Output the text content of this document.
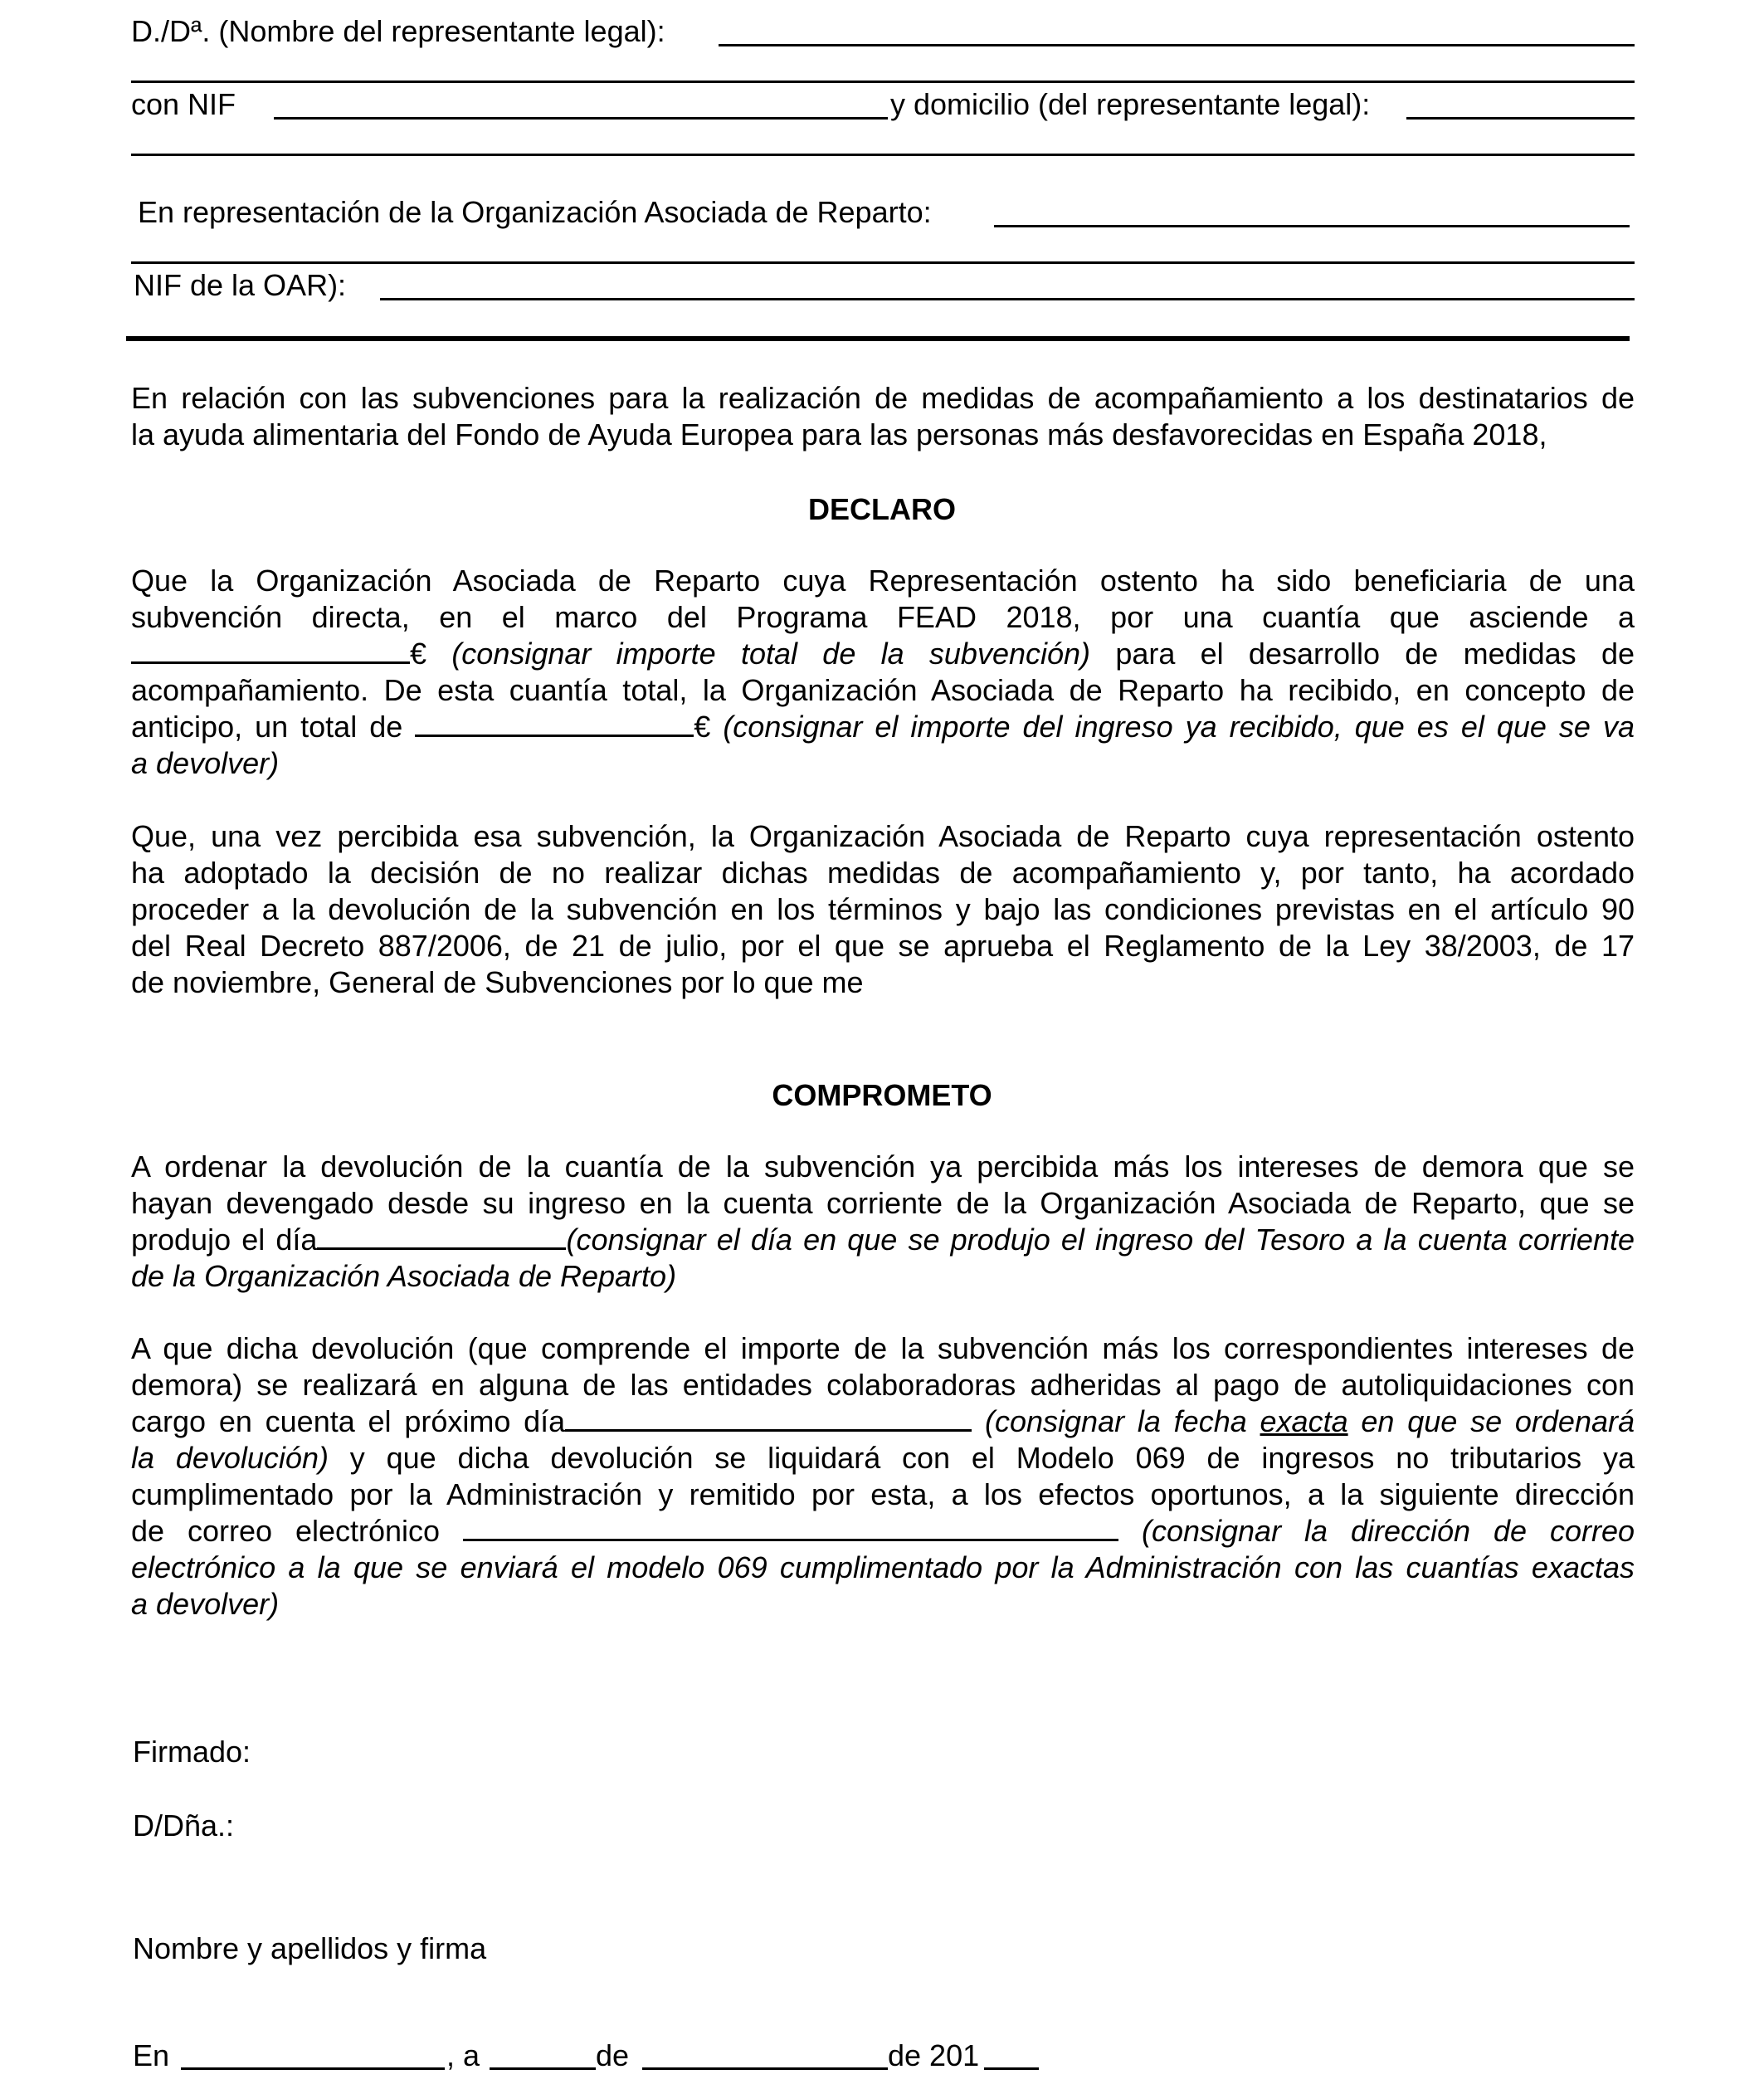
D./Dª. (Nombre del representante legal):
con NIF	y domicilio (del representante legal):
En representación de la Organización Asociada de Reparto:
NIF de la OAR):
En relación con las subvenciones para la realización de medidas de acompañamiento a los destinatarios de
la ayuda alimentaria del Fondo de Ayuda Europea para las personas más desfavorecidas en España 2018,
DECLARO
Que la Organización Asociada de Reparto cuya Representación ostento ha sido beneficiaria de una
subvención directa, en el marco del Programa FEAD 2018, por una cuantía que asciende a
€ (consignar importe total de la subvención) para el desarrollo de medidas de
acompañamiento. De esta cuantía total, la Organización Asociada de Reparto ha recibido, en concepto de
anticipo, un total de	€ (consignar el importe del ingreso ya recibido, que es el que se va
a devolver)
Que, una vez percibida esa subvención, la Organización Asociada de Reparto cuya representación ostento
ha adoptado la decisión de no realizar dichas medidas de acompañamiento y, por tanto, ha acordado
proceder a la devolución de la subvención en los términos y bajo las condiciones previstas en el artículo 90
del Real Decreto 887/2006, de 21 de julio, por el que se aprueba el Reglamento de la Ley 38/2003, de 17
de noviembre, General de Subvenciones por lo que me
COMPROMETO
A ordenar la devolución de la cuantía de la subvención ya percibida más los intereses de demora que se
hayan devengado desde su ingreso en la cuenta corriente de la Organización Asociada de Reparto, que se
produjo el día	(consignar el día en que se produjo el ingreso del Tesoro a la cuenta corriente
de la Organización Asociada de Reparto)
A que dicha devolución (que comprende el importe de la subvención más los correspondientes intereses de
demora) se realizará en alguna de las entidades colaboradoras adheridas al pago de autoliquidaciones con
cargo en cuenta el próximo día	(consignar la fecha exacta en que se ordenará
la devolución) y que dicha devolución se liquidará con el Modelo 069 de ingresos no tributarios ya
cumplimentado por la Administración y remitido por esta, a los efectos oportunos, a la siguiente dirección
de correo electrónico	(consignar la dirección de correo
electrónico a la que se enviará el modelo 069 cumplimentado por la Administración con las cuantías exactas
a devolver)
Firmado:
D/Dña.:
Nombre y apellidos y firma
En	, a	de	de 201
